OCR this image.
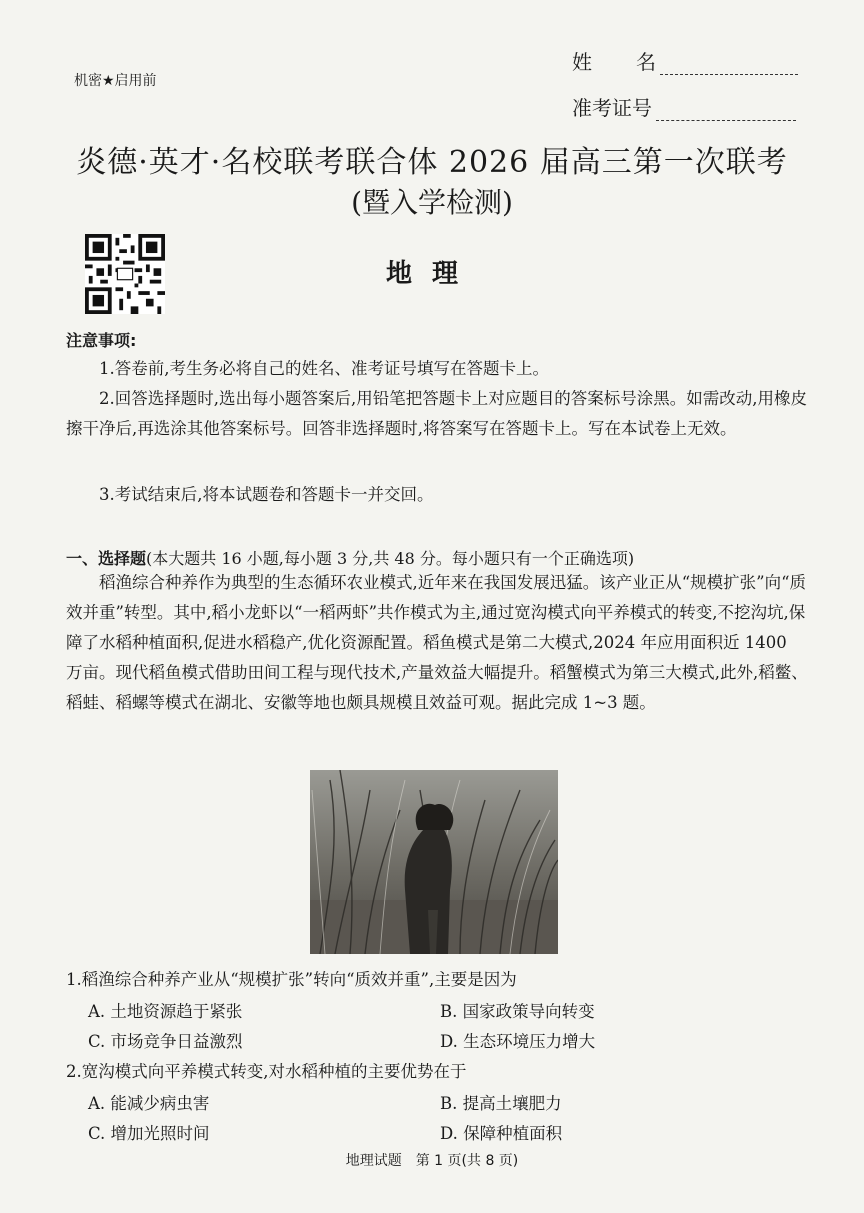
机密★启用前
姓 名
准考证号
炎德·英才·名校联考联合体 2026 届高三第一次联考
(暨入学检测)
地理
注意事项:
1.答卷前,考生务必将自己的姓名、准考证号填写在答题卡上。
2.回答选择题时,选出每小题答案后,用铅笔把答题卡上对应题目的答案标号涂黑。如需改动,用橡皮擦干净后,再选涂其他答案标号。回答非选择题时,将答案写在答题卡上。写在本试卷上无效。
3.考试结束后,将本试题卷和答题卡一并交回。
一、选择题(本大题共 16 小题,每小题 3 分,共 48 分。每小题只有一个正确选项)
稻渔综合种养作为典型的生态循环农业模式,近年来在我国发展迅猛。该产业正从“规模扩张”向“质效并重”转型。其中,稻小龙虾以“一稻两虾”共作模式为主,通过宽沟模式向平养模式的转变,不挖沟坑,保障了水稻种植面积,促进水稻稳产,优化资源配置。稻鱼模式是第二大模式,2024 年应用面积近 1400 万亩。现代稻鱼模式借助田间工程与现代技术,产量效益大幅提升。稻蟹模式为第三大模式,此外,稻鳖、稻蛙、稻螺等模式在湖北、安徽等地也颇具规模且效益可观。据此完成 1~3 题。
1.稻渔综合种养产业从“规模扩张”转向“质效并重”,主要是因为
A. 土地资源趋于紧张	B. 国家政策导向转变
C. 市场竞争日益激烈	D. 生态环境压力增大
2.宽沟模式向平养模式转变,对水稻种植的主要优势在于
A. 能减少病虫害	B. 提高土壤肥力
C. 增加光照时间	D. 保障种植面积
地理试题　第 1 页(共 8 页)
